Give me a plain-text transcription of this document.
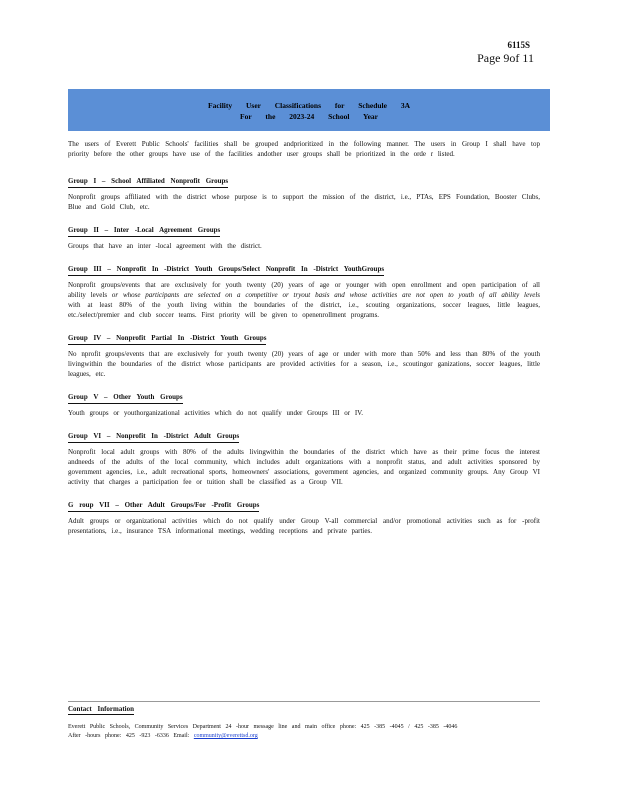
6115S
Page 9of 11
Facility User Classifications for Schedule 3A
For the 2023-24 School Year

The users of Everett Public Schools' facilities shall be grouped andprioritized in the following manner. The users in Group I shall have top priority before the other groups have use of the facilities andother user groups shall be prioritized in the orde r listed.

Group I – School Affiliated Nonprofit Groups

Nonprofit groups affiliated with the district whose purpose is to support the mission of the district, i.e., PTAs, EPS Foundation, Booster Clubs, Blue and Gold Club, etc.

Group II – Inter -Local Agreement Groups

Groups that have an inter -local agreement with the district.

Group III – Nonprofit In -District Youth Groups/Select Nonprofit In -District YouthGroups

Nonprofit groups/events that are exclusively for youth twenty (20) years of age or younger with open enrollment and open participation of all ability levels or whose participants are selected on a competitive or tryout basis and whose activities are not open to youth of all ability levels with at least 80% of the youth living within the boundaries of the district, i.e., scouting organizations, soccer leagues, little leagues, etc./select/premier and club soccer teams. First priority will be given to openenrollment programs.

Group IV – Nonprofit Partial In -District Youth Groups

No nprofit groups/events that are exclusively for youth twenty (20) years of age or under with more than 50% and less than 80% of the youth livingwithin the boundaries of the district whose participants are provided activities for a season, i.e., scoutingor ganizations, soccer leagues, little leagues, etc.

Group V – Other Youth Groups

Youth groups or youthorganizational activities which do not qualify under Groups III or IV.

Group VI – Nonprofit In -District Adult Groups

Nonprofit local adult groups with 80% of the adults livingwithin the boundaries of the district which have as their prime focus the interest andneeds of the adults of the local community, which includes adult organizations with a nonprofit status, and adult activities sponsored by government agencies, i.e., adult recreational sports, homeowners' associations, government agencies, and organized community groups. Any Group VI activity that charges a participation fee or tuition shall be classified as a Group VII.

G roup VII – Other Adult Groups/For -Profit Groups

Adult groups or organizational activities which do not qualify under Group V-all commercial and/or promotional activities such as for -profit presentations, i.e., insurance TSA informational meetings, wedding receptions and private parties.

Contact Information
Everett Public Schools, Community Services Department 24 -hour message line and main office phone: 425 -385 -4045 / 425 -385 -4046
After -hours phone: 425 -923 -6336 Email: community@everettsd.org
